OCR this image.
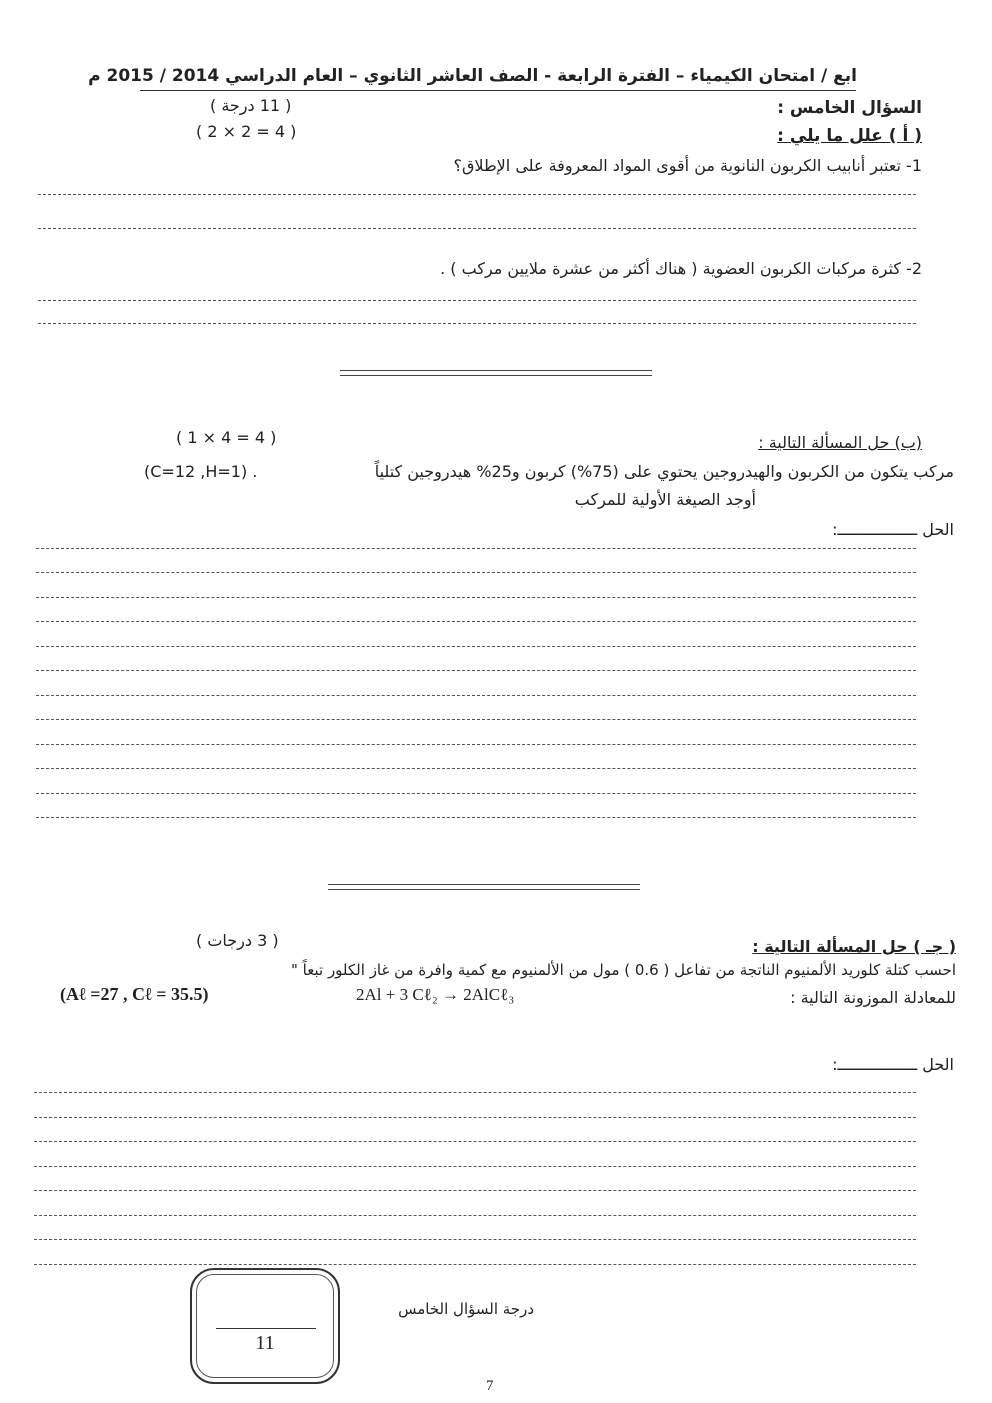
ابع / امتحان الكيمياء – الفترة الرابعة - الصف العاشر الثانوي – العام الدراسي 2014 / 2015 م
السؤال الخامس :
( 11 درجة )
( أ ) علل ما يلي :
( 2 × 2 = 4 )
1- تعتبر أنابيب الكربون النانوية من أقوى المواد المعروفة على الإطلاق؟
2- كثرة مركبات الكربون العضوية ( هناك أكثر من عشرة ملايين مركب ) .
(ب) حل المسألة التالية :
( 1 × 4 = 4 )
مركب يتكون من الكربون والهيدروجين يحتوي على (75%) كربون و25% هيدروجين كتلياً
(C=12 ,H=1) .
أوجد الصيغة الأولية للمركب
الحل ـــــــــــــــــ:
( جـ ) حل المسألة التالية :
( 3 درجات )
احسب كتلة كلوريد الألمنيوم الناتجة من تفاعل ( 0.6 ) مول من الألمنيوم مع كمية وافرة من غاز الكلور تبعاً "
للمعادلة الموزونة التالية :
2Al + 3 Cℓ₂ → 2AlCℓ₃
(Aℓ =27 , Cℓ = 35.5)
الحل ـــــــــــــــــ:
11
درجة السؤال الخامس
7
